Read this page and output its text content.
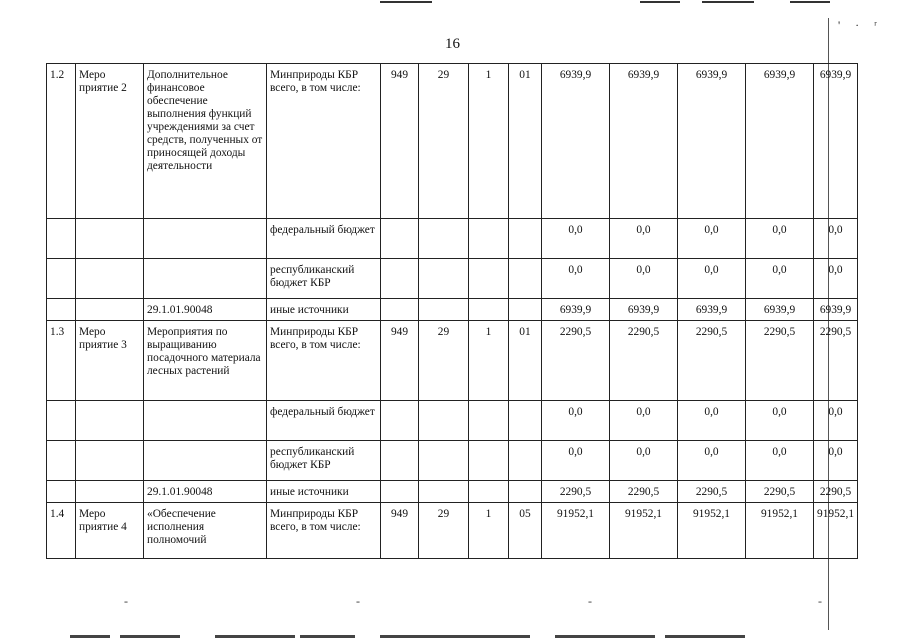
' · ʳ
16
1.2	Меро приятие 2	Дополнительное финансовое обеспечение выполнения функций учреждениями за счет средств, полученных от приносящей доходы деятельности	Минприроды КБР всего, в том числе:	949	29	1	01	6939,9	6939,9	6939,9	6939,9	6939,9
			федеральный бюджет					0,0	0,0	0,0	0,0	0,0
			республиканский бюджет КБР					0,0	0,0	0,0	0,0	0,0
		29.1.01.90048	иные источники					6939,9	6939,9	6939,9	6939,9	6939,9
1.3	Меро приятие 3	Мероприятия по выращиванию посадочного материала лесных растений	Минприроды КБР всего, в том числе:	949	29	1	01	2290,5	2290,5	2290,5	2290,5	2290,5
			федеральный бюджет					0,0	0,0	0,0	0,0	0,0
			республиканский бюджет КБР					0,0	0,0	0,0	0,0	0,0
		29.1.01.90048	иные источники					2290,5	2290,5	2290,5	2290,5	2290,5
1.4	Меро приятие 4	«Обеспечение исполнения полномочий	Минприроды КБР всего, в том числе:	949	29	1	05	91952,1	91952,1	91952,1	91952,1	91952,1
-	-	-	-
